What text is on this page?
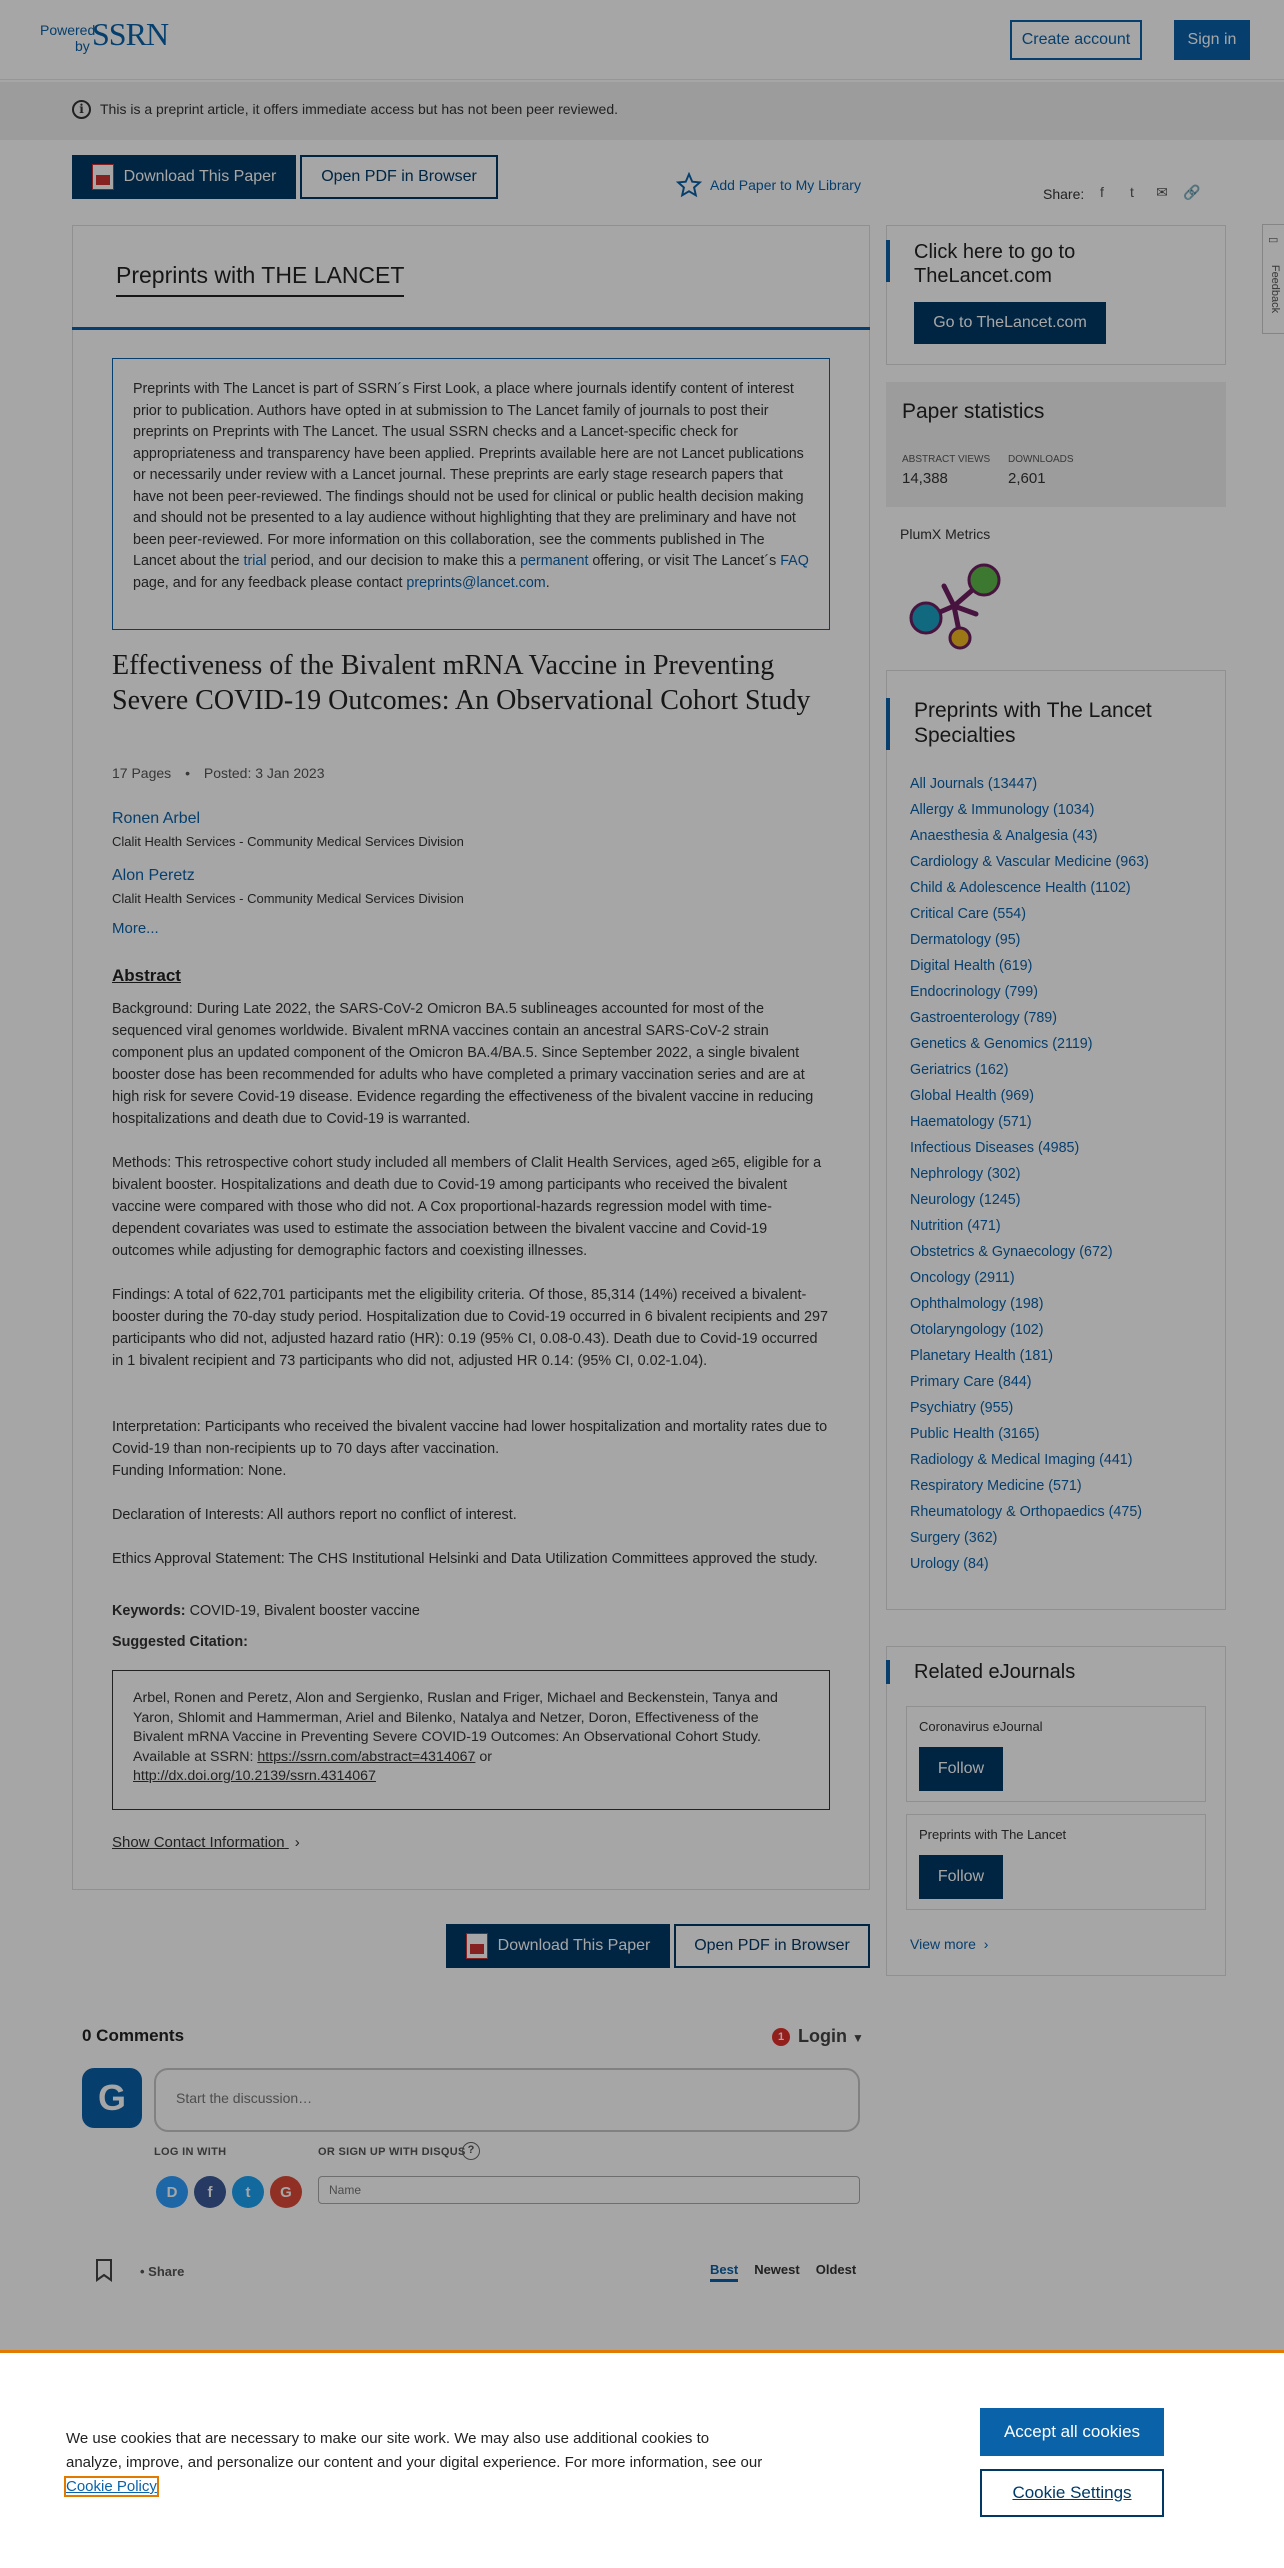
Powered
by SSRN	Create account	Sign in
i	This is a preprint article, it offers immediate access but has not been peer reviewed.
Download This Paper	Open PDF in Browser	Add Paper to My Library
Share:	f	t	✉ 🔗
Preprints with THE LANCET
Preprints with The Lancet is part of SSRN´s First Look, a place where journals identify content of interest prior to publication. Authors have opted in at submission to The Lancet family of journals to post their preprints on Preprints with The Lancet. The usual SSRN checks and a Lancet-specific check for appropriateness and transparency have been applied. Preprints available here are not Lancet publications or necessarily under review with a Lancet journal. These preprints are early stage research papers that have not been peer-reviewed. The findings should not be used for clinical or public health decision making and should not be presented to a lay audience without highlighting that they are preliminary and have not been peer-reviewed. For more information on this collaboration, see the comments published in The Lancet about the trial period, and our decision to make this a permanent offering, or visit The Lancet´s FAQ page, and for any feedback please contact preprints@lancet.com.
Effectiveness of the Bivalent mRNA Vaccine in Preventing Severe COVID-19 Outcomes: An Observational Cohort Study
17 Pages • Posted: 3 Jan 2023
Ronen Arbel
Clalit Health Services - Community Medical Services Division
Alon Peretz
Clalit Health Services - Community Medical Services Division
More...
Abstract
Background: During Late 2022, the SARS-CoV-2 Omicron BA.5 sublineages accounted for most of the sequenced viral genomes worldwide. Bivalent mRNA vaccines contain an ancestral SARS-CoV-2 strain component plus an updated component of the Omicron BA.4/BA.5. Since September 2022, a single bivalent booster dose has been recommended for adults who have completed a primary vaccination series and are at high risk for severe Covid-19 disease. Evidence regarding the effectiveness of the bivalent vaccine in reducing hospitalizations and death due to Covid-19 is warranted.
Methods: This retrospective cohort study included all members of Clalit Health Services, aged ≥65, eligible for a bivalent booster. Hospitalizations and death due to Covid-19 among participants who received the bivalent vaccine were compared with those who did not. A Cox proportional-hazards regression model with time-dependent covariates was used to estimate the association between the bivalent vaccine and Covid-19 outcomes while adjusting for demographic factors and coexisting illnesses.
Findings: A total of 622,701 participants met the eligibility criteria. Of those, 85,314 (14%) received a bivalent-booster during the 70-day study period. Hospitalization due to Covid-19 occurred in 6 bivalent recipients and 297 participants who did not, adjusted hazard ratio (HR): 0.19 (95% CI, 0.08-0.43). Death due to Covid-19 occurred in 1 bivalent recipient and 73 participants who did not, adjusted HR 0.14: (95% CI, 0.02-1.04).
Interpretation: Participants who received the bivalent vaccine had lower hospitalization and mortality rates due to Covid-19 than non-recipients up to 70 days after vaccination.
Funding Information: None.
Declaration of Interests: All authors report no conflict of interest.
Ethics Approval Statement: The CHS Institutional Helsinki and Data Utilization Committees approved the study.
Keywords: COVID-19, Bivalent booster vaccine
Suggested Citation:
Arbel, Ronen and Peretz, Alon and Sergienko, Ruslan and Friger, Michael and Beckenstein, Tanya and Yaron, Shlomit and Hammerman, Ariel and Bilenko, Natalya and Netzer, Doron, Effectiveness of the Bivalent mRNA Vaccine in Preventing Severe COVID-19 Outcomes: An Observational Cohort Study. Available at SSRN: https://ssrn.com/abstract=4314067 or
http://dx.doi.org/10.2139/ssrn.4314067
Show Contact Information ›
Download This Paper	Open PDF in Browser
Click here to go to TheLancet.com
Go to TheLancet.com
Paper statistics
ABSTRACT VIEWS
14,388
DOWNLOADS
2,601
PlumX Metrics
Preprints with The Lancet Specialties
All Journals (13447)
Allergy & Immunology (1034)
Anaesthesia & Analgesia (43)
Cardiology & Vascular Medicine (963)
Child & Adolescence Health (1102)
Critical Care (554)
Dermatology (95)
Digital Health (619)
Endocrinology (799)
Gastroenterology (789)
Genetics & Genomics (2119)
Geriatrics (162)
Global Health (969)
Haematology (571)
Infectious Diseases (4985)
Nephrology (302)
Neurology (1245)
Nutrition (471)
Obstetrics & Gynaecology (672)
Oncology (2911)
Ophthalmology (198)
Otolaryngology (102)
Planetary Health (181)
Primary Care (844)
Psychiatry (955)
Public Health (3165)
Radiology & Medical Imaging (441)
Respiratory Medicine (571)
Rheumatology & Orthopaedics (475)
Surgery (362)
Urology (84)
Related eJournals
Coronavirus eJournal
Follow
Preprints with The Lancet
Follow
View more ›
▭
Feedback
0 Comments	1 Login ▼
G	Start the discussion…
LOG IN WITH	OR SIGN UP WITH DISQUS ?
D	f	t	G
Name
• Share	Best Newest Oldest
We use cookies that are necessary to make our site work. We may also use additional cookies to analyze, improve, and personalize our content and your digital experience. For more information, see our Cookie Policy
Accept all cookies
Cookie Settings
